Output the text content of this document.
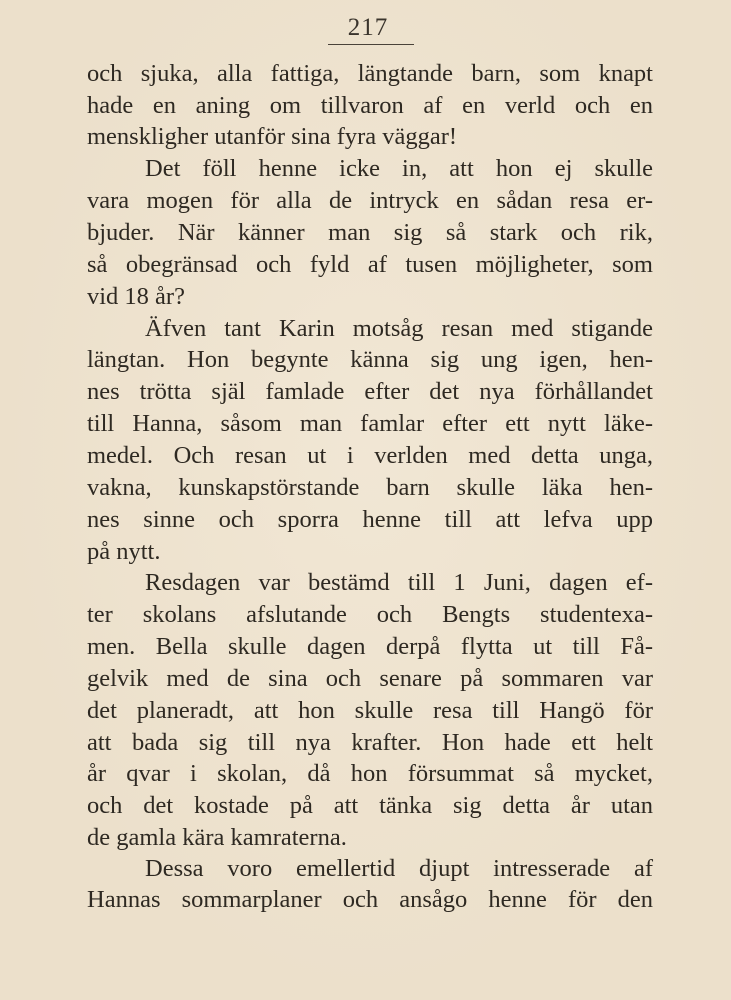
217
och sjuka, alla fattiga, längtande barn, som knapt
hade en aning om tillvaron af en verld och en
menskligher utanför sina fyra väggar!
Det föll henne icke in, att hon ej skulle
vara mogen för alla de intryck en sådan resa er-
bjuder. När känner man sig så stark och rik,
så obegränsad och fyld af tusen möjligheter, som
vid 18 år?
Äfven tant Karin motsåg resan med stigande
längtan. Hon begynte känna sig ung igen, hen-
nes trötta själ famlade efter det nya förhållandet
till Hanna, såsom man famlar efter ett nytt läke-
medel. Och resan ut i verlden med detta unga,
vakna, kunskapstörstande barn skulle läka hen-
nes sinne och sporra henne till att lefva upp
på nytt.
Resdagen var bestämd till 1 Juni, dagen ef-
ter skolans afslutande och Bengts studentexa-
men. Bella skulle dagen derpå flytta ut till Få-
gelvik med de sina och senare på sommaren var
det planeradt, att hon skulle resa till Hangö för
att bada sig till nya krafter. Hon hade ett helt
år qvar i skolan, då hon försummat så mycket,
och det kostade på att tänka sig detta år utan
de gamla kära kamraterna.
Dessa voro emellertid djupt intresserade af
Hannas sommarplaner och ansågo henne för den
